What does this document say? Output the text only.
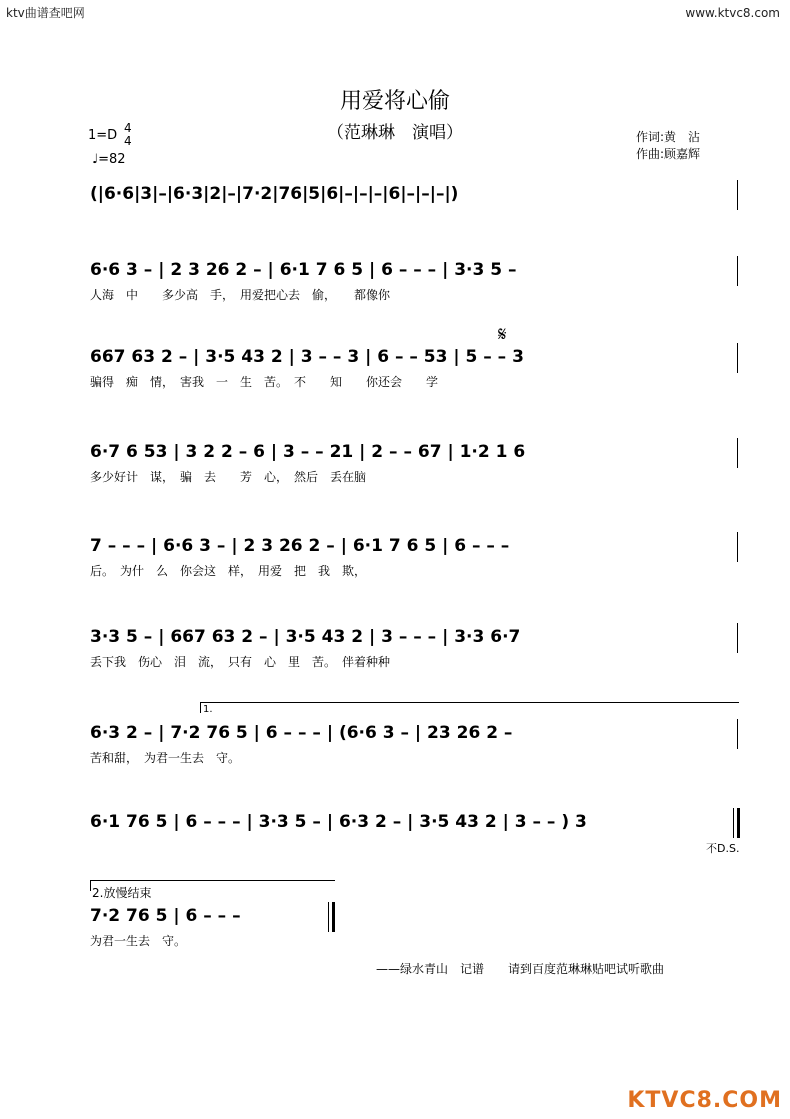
ktv曲谱查吧网	www.ktvc8.com
用爱将心偷
（范琳琳　演唱）
1=D 4
4
♩=82
作词:黄　沾
作曲:顾嘉辉
(|6·6|3|–|6·3|2|–|7·2|76|5|6|–|–|–|6|–|–|–|)
6·6 3 – | 2 3 26 2 – | 6·1 7 6 5 | 6 – – – | 3·3 5 –
人海　中　　多少高　手，　用爱把心去　偷，　　都像你
667 63 2 – | 3·5 43 2 | 3 – – 3 | 6 – – 53 | 5 – – 3
骗得　痴　情，　害我　一　生　苦。　不　　知　　你还会　　学
𝄋
6·7 6 53 | 3 2 2 – 6 | 3 – – 21 | 2 – – 67 | 1·2 1 6
多少好计　谋，　骗　去　　芳　心，　然后　丢在脑
7 – – – | 6·6 3 – | 2 3 26 2 – | 6·1 7 6 5 | 6 – – –
后。　为什　么　你会这　样，　用爱　把　我　欺，
3·3 5 – | 667 63 2 – | 3·5 43 2 | 3 – – – | 3·3 6·7
丢下我　伤心　泪　流，　只有　心　里　苦。　伴着种种
1.
6·3 2 – | 7·2 76 5 | 6 – – – | (6·6 3 – | 23 26 2 –
苦和甜，　为君一生去　守。
6·1 76 5 | 6 – – – | 3·3 5 – | 6·3 2 – | 3·5 43 2 | 3 – – ) 3
不D.S.
2.放慢结束
7·2 76 5 | 6 – – –
为君一生去　守。
——绿水青山　记谱　　请到百度范琳琳贴吧试听歌曲
KTVC8.COM
